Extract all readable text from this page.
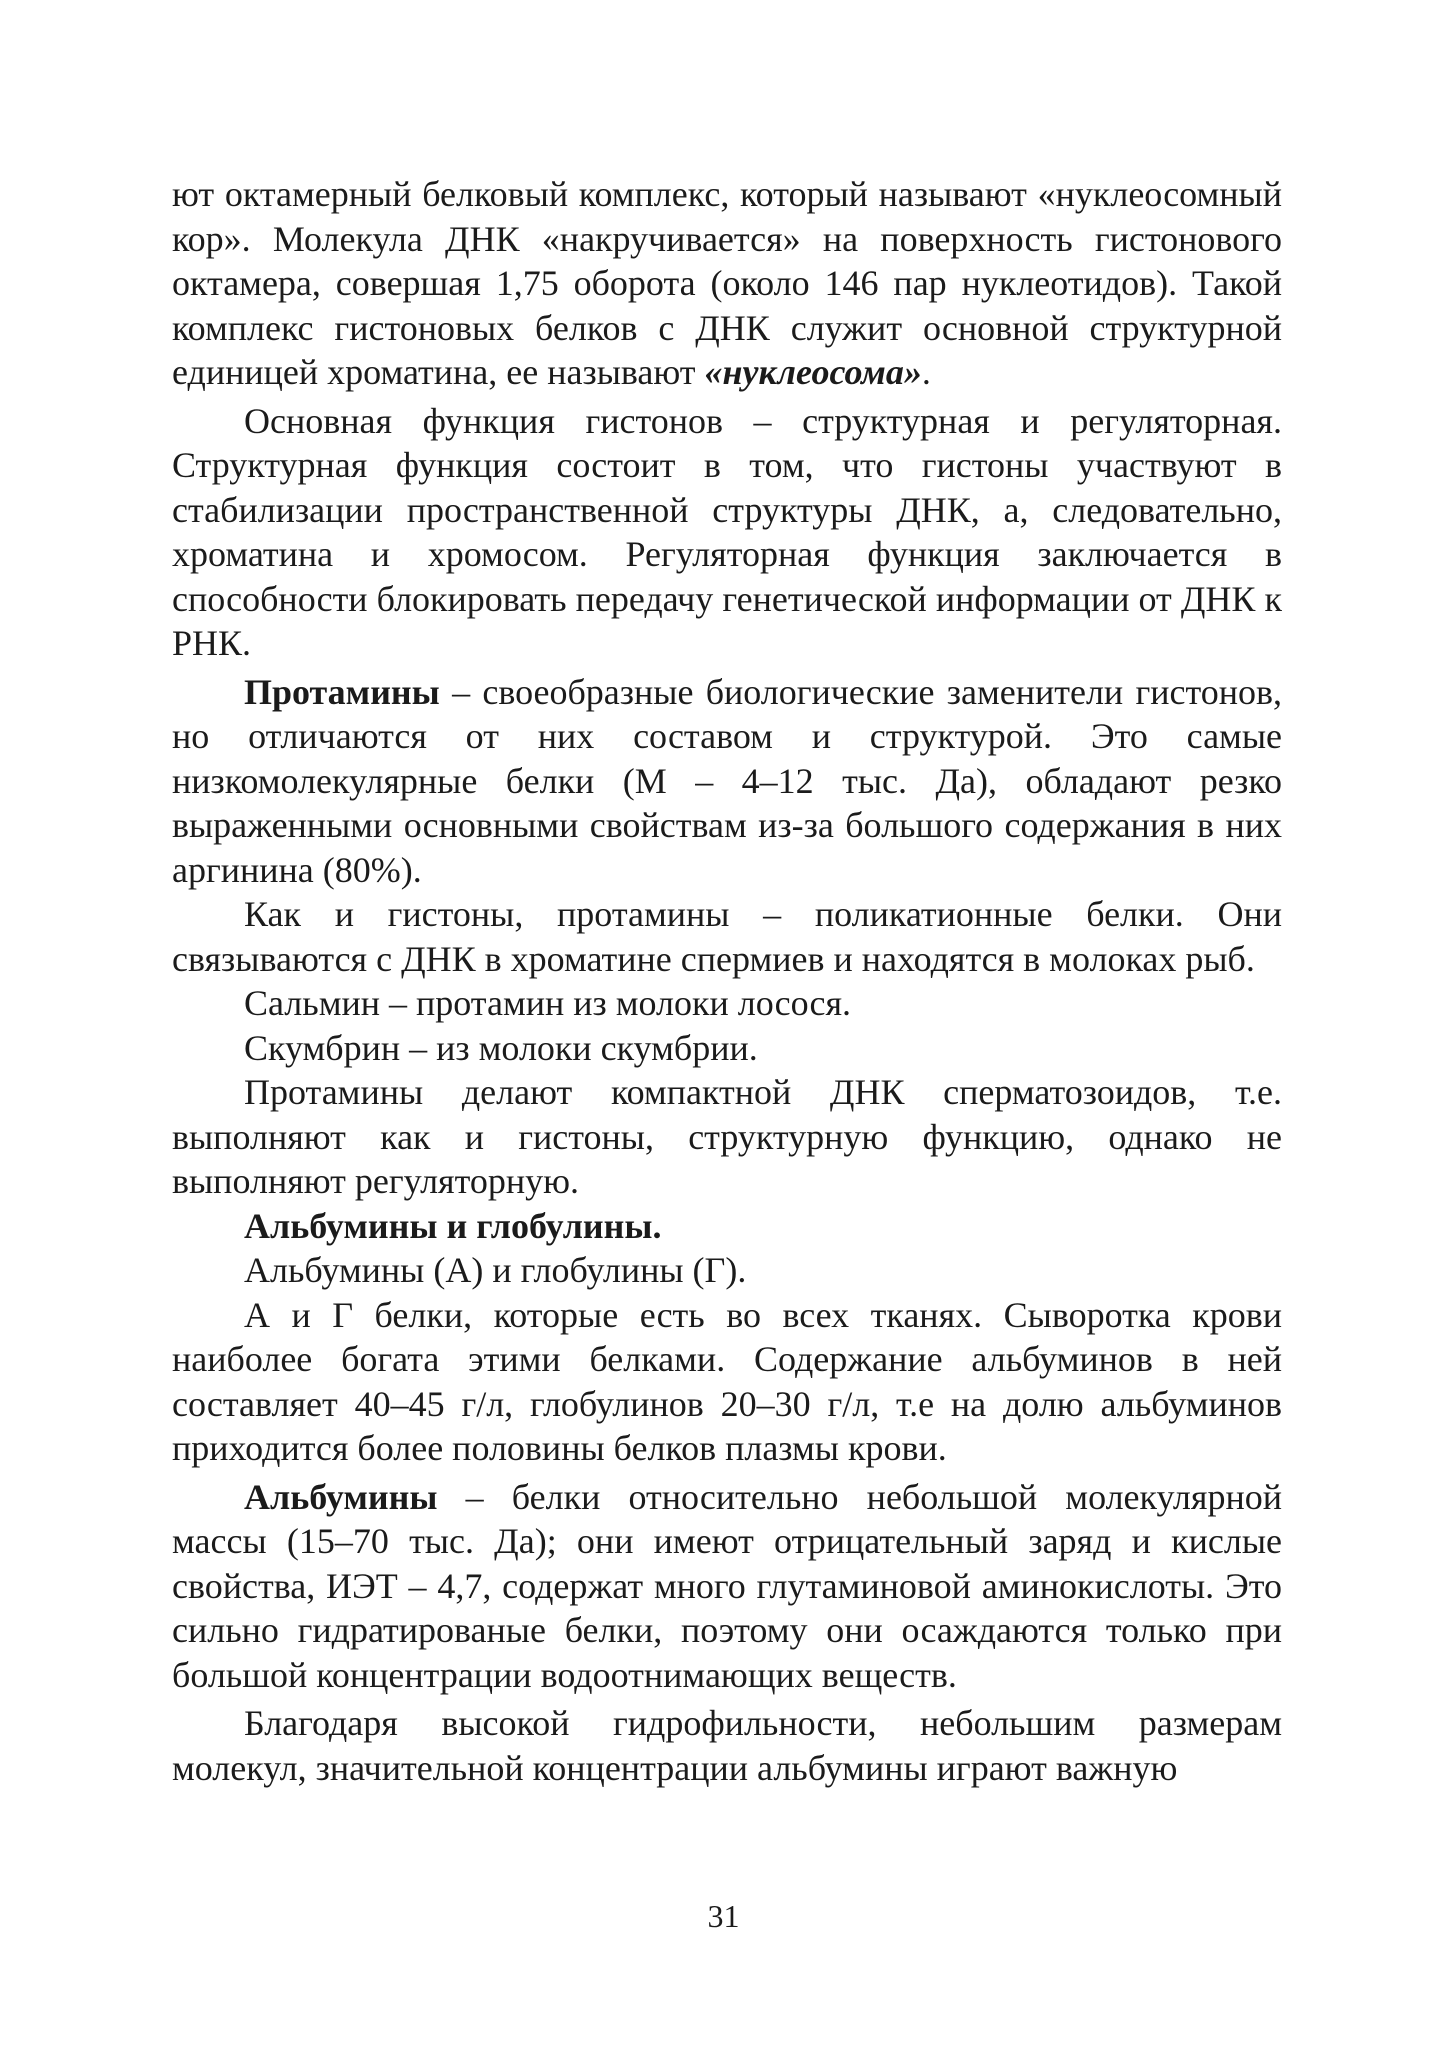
ют октамерный белковый комплекс, который называют «нуклеосомный кор». Молекула ДНК «накручивается» на поверхность гистонового октамера, совершая 1,75 оборота (около 146 пар нуклеотидов). Такой комплекс гистоновых белков с ДНК служит основной структурной единицей хроматина, ее называют «нуклеосома».

Основная функция гистонов – структурная и регуляторная. Структурная функция состоит в том, что гистоны участвуют в стабилизации пространственной структуры ДНК, а, следовательно, хроматина и хромосом. Регуляторная функция заключается в способности блокировать передачу генетической информации от ДНК к РНК.

Протамины – своеобразные биологические заменители гистонов, но отличаются от них составом и структурой. Это самые низкомолекулярные белки (М – 4–12 тыс. Да), обладают резко выраженными основными свойствам из-за большого содержания в них аргинина (80%).

Как и гистоны, протамины – поликатионные белки. Они связываются с ДНК в хроматине спермиев и находятся в молоках рыб.

Сальмин – протамин из молоки лосося.

Скумбрин – из молоки скумбрии.

Протамины делают компактной ДНК сперматозоидов, т.е. выполняют как и гистоны, структурную функцию, однако не выполняют регуляторную.

Альбумины и глобулины.

Альбумины (А) и глобулины (Г).

А и Г белки, которые есть во всех тканях. Сыворотка крови наиболее богата этими белками. Содержание альбуминов в ней составляет 40–45 г/л, глобулинов 20–30 г/л, т.е на долю альбуминов приходится более половины белков плазмы крови.

Альбумины – белки относительно небольшой молекулярной массы (15–70 тыс. Да); они имеют отрицательный заряд и кислые свойства, ИЭТ – 4,7, содержат много глутаминовой аминокислоты. Это сильно гидратированые белки, поэтому они осаждаются только при большой концентрации водоотнимающих веществ.

Благодаря высокой гидрофильности, небольшим размерам молекул, значительной концентрации альбумины играют важную

31
